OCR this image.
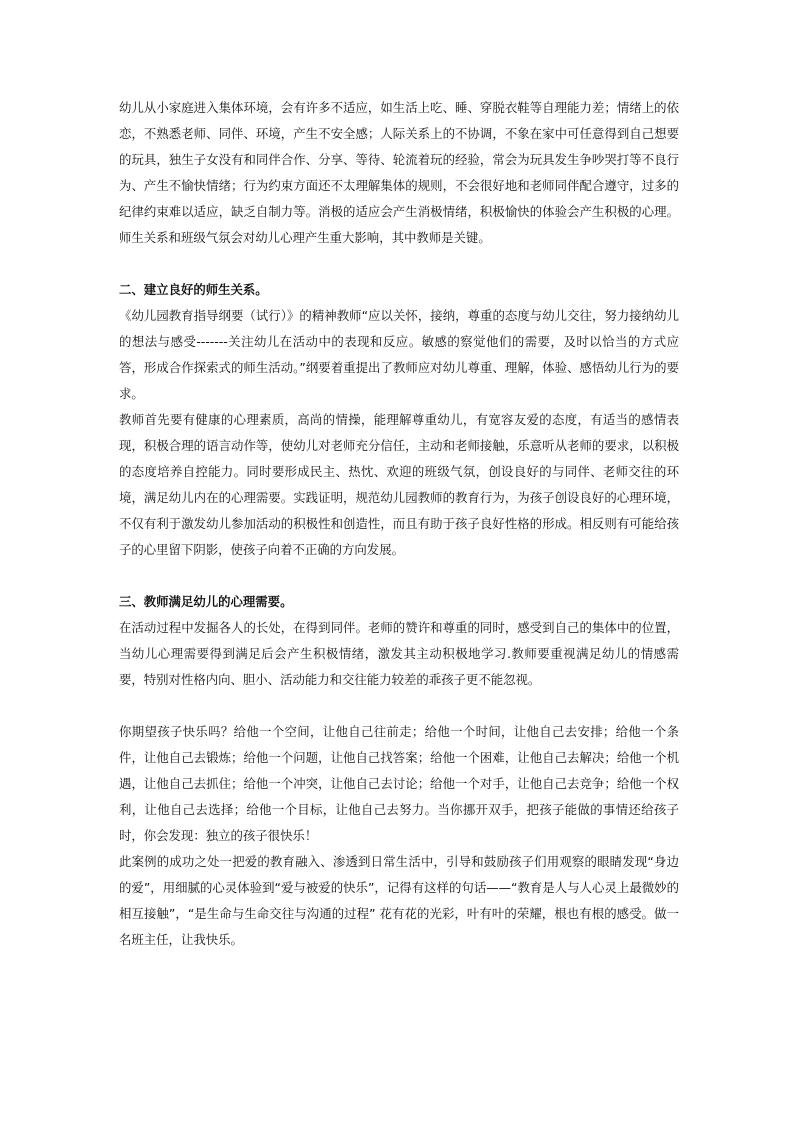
幼儿从小家庭进入集体环境，会有许多不适应，如生活上吃、睡、穿脱衣鞋等自理能力差；情绪上的依恋，不熟悉老师、同伴、环境，产生不安全感；人际关系上的不协调，不象在家中可任意得到自己想要的玩具，独生子女没有和同伴合作、分享、等待、轮流着玩的经验，常会为玩具发生争吵哭打等不良行为、产生不愉快情绪；行为约束方面还不太理解集体的规则，不会很好地和老师同伴配合遵守，过多的纪律约束难以适应，缺乏自制力等。消极的适应会产生消极情绪，积极愉快的体验会产生积极的心理。师生关系和班级气氛会对幼儿心理产生重大影响，其中教师是关键。

二、建立良好的师生关系。

《幼儿园教育指导纲要（试行）》的精神教师“应以关怀，接纳，尊重的态度与幼儿交往，努力接纳幼儿的想法与感受-------关注幼儿在活动中的表现和反应。敏感的察觉他们的需要，及时以恰当的方式应答，形成合作探索式的师生活动。”纲要着重提出了教师应对幼儿尊重、理解，体验、感悟幼儿行为的要求。

教师首先要有健康的心理素质，高尚的情操，能理解尊重幼儿，有宽容友爱的态度，有适当的感情表现，积极合理的语言动作等，使幼儿对老师充分信任，主动和老师接触，乐意听从老师的要求，以积极的态度培养自控能力。同时要形成民主、热忱、欢迎的班级气氛，创设良好的与同伴、老师交往的环境，满足幼儿内在的心理需要。实践证明，规范幼儿园教师的教育行为，为孩子创设良好的心理环境，不仅有利于激发幼儿参加活动的积极性和创造性，而且有助于孩子良好性格的形成。相反则有可能给孩子的心里留下阴影，使孩子向着不正确的方向发展。

三、教师满足幼儿的心理需要。

在活动过程中发掘各人的长处，在得到同伴。老师的赞许和尊重的同时，感受到自己的集体中的位置，当幼儿心理需要得到满足后会产生积极情绪，激发其主动积极地学习.教师要重视满足幼儿的情感需要，特别对性格内向、胆小、活动能力和交往能力较差的乖孩子更不能忽视。

你期望孩子快乐吗？给他一个空间，让他自己往前走；给他一个时间，让他自己去安排；给他一个条件，让他自己去锻炼；给他一个问题，让他自己找答案；给他一个困难，让他自己去解决；给他一个机遇，让他自己去抓住；给他一个冲突，让他自己去讨论；给他一个对手，让他自己去竞争；给他一个权利，让他自己去选择；给他一个目标，让他自己去努力。当你挪开双手，把孩子能做的事情还给孩子时，你会发现：独立的孩子很快乐！

此案例的成功之处一把爱的教育融入、渗透到日常生活中，引导和鼓励孩子们用观察的眼睛发现“身边的爱”，用细腻的心灵体验到“爱与被爱的快乐”，记得有这样的句话——“教育是人与人心灵上最微妙的相互接触”，“是生命与生命交往与沟通的过程” 花有花的光彩，叶有叶的荣耀，根也有根的感受。做一名班主任，让我快乐。
